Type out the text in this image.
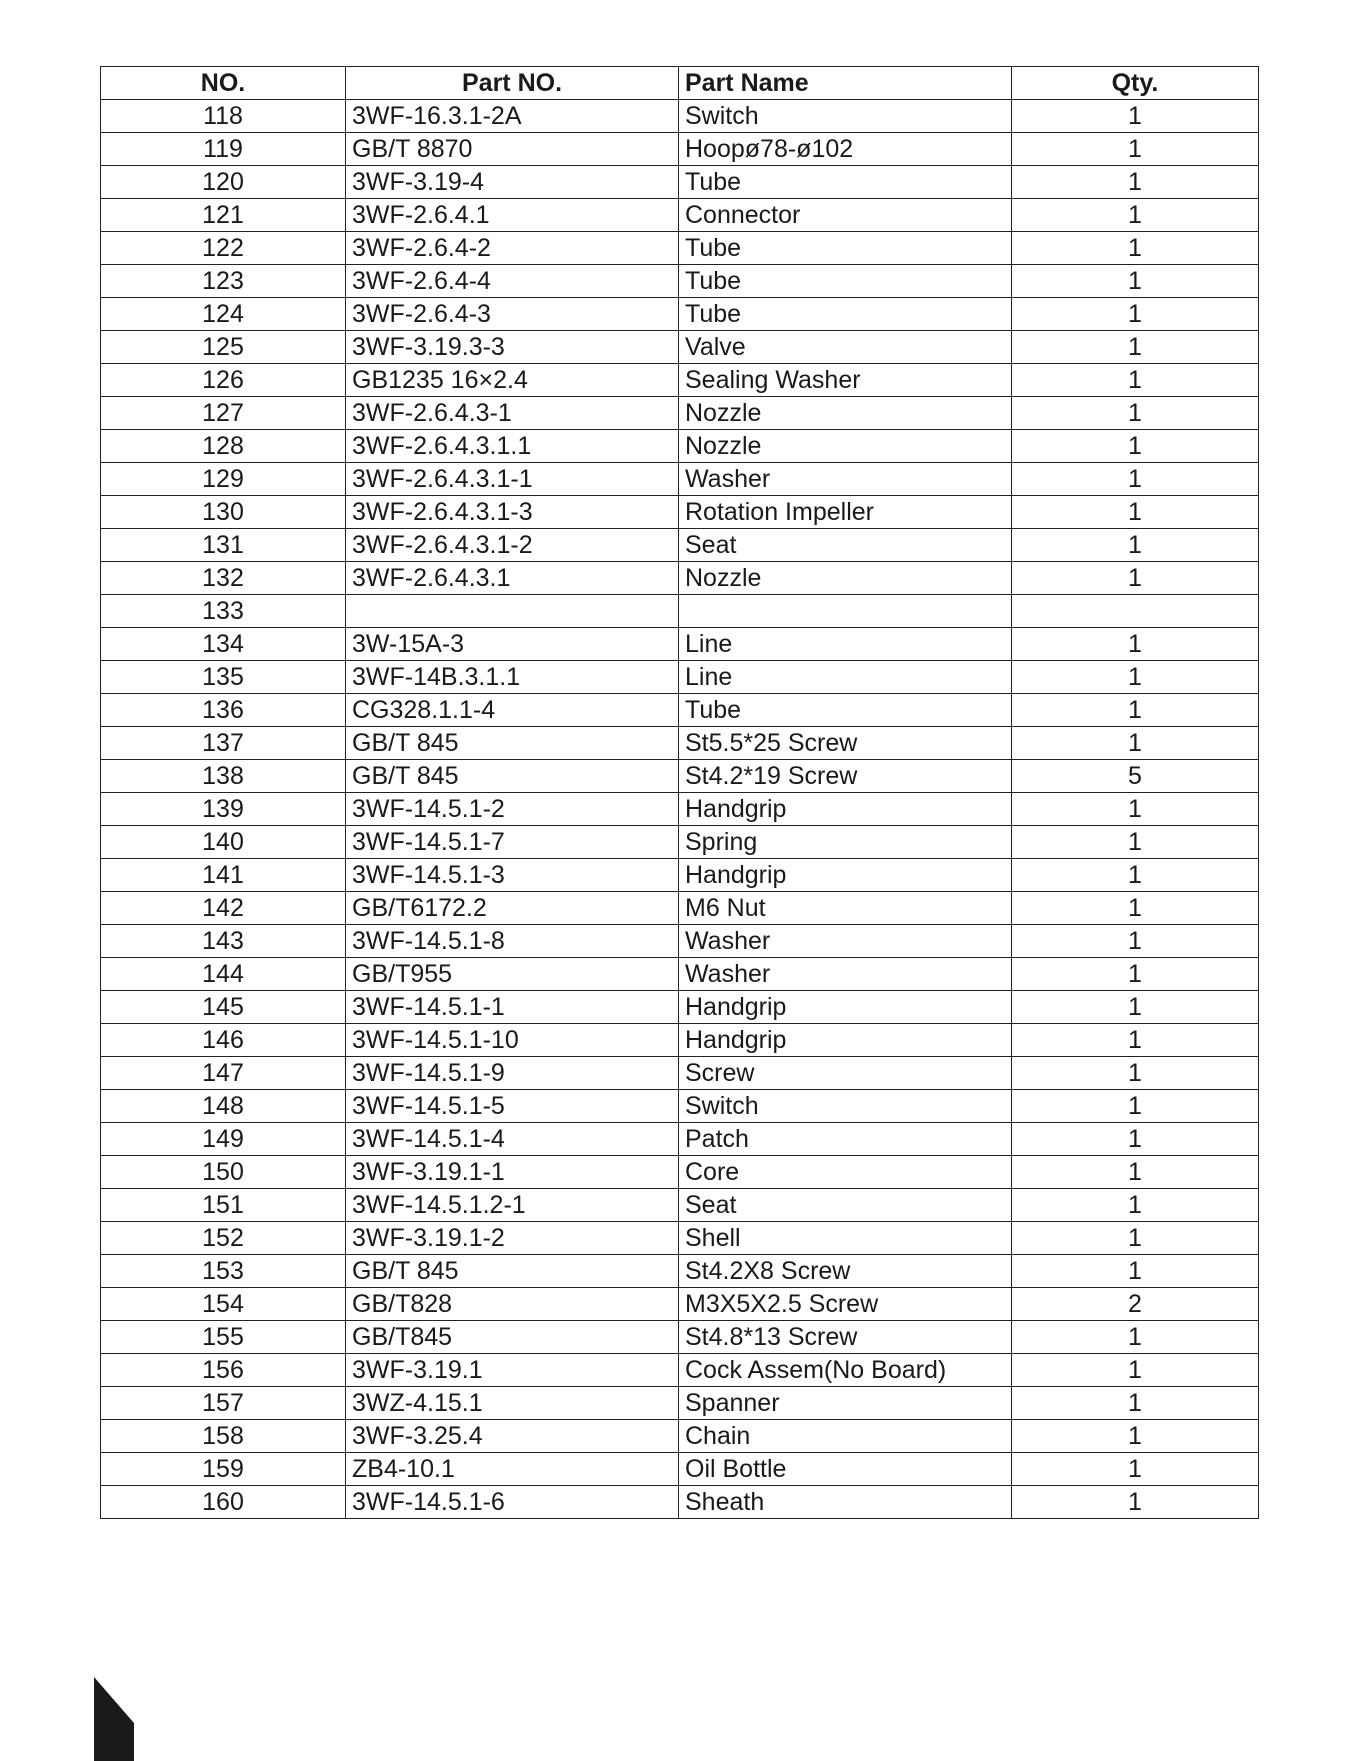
NO.	Part NO.	Part Name	Qty.
118	3WF-16.3.1-2A	Switch	1
119	GB/T 8870	Hoopø78-ø102	1
120	3WF-3.19-4	Tube	1
121	3WF-2.6.4.1	Connector	1
122	3WF-2.6.4-2	Tube	1
123	3WF-2.6.4-4	Tube	1
124	3WF-2.6.4-3	Tube	1
125	3WF-3.19.3-3	Valve	1
126	GB1235 16×2.4	Sealing Washer	1
127	3WF-2.6.4.3-1	Nozzle	1
128	3WF-2.6.4.3.1.1	Nozzle	1
129	3WF-2.6.4.3.1-1	Washer	1
130	3WF-2.6.4.3.1-3	Rotation Impeller	1
131	3WF-2.6.4.3.1-2	Seat	1
132	3WF-2.6.4.3.1	Nozzle	1
133			
134	3W-15A-3	Line	1
135	3WF-14B.3.1.1	Line	1
136	CG328.1.1-4	Tube	1
137	GB/T 845	St5.5*25 Screw	1
138	GB/T 845	St4.2*19 Screw	5
139	3WF-14.5.1-2	Handgrip	1
140	3WF-14.5.1-7	Spring	1
141	3WF-14.5.1-3	Handgrip	1
142	GB/T6172.2	M6 Nut	1
143	3WF-14.5.1-8	Washer	1
144	GB/T955	Washer	1
145	3WF-14.5.1-1	Handgrip	1
146	3WF-14.5.1-10	Handgrip	1
147	3WF-14.5.1-9	Screw	1
148	3WF-14.5.1-5	Switch	1
149	3WF-14.5.1-4	Patch	1
150	3WF-3.19.1-1	Core	1
151	3WF-14.5.1.2-1	Seat	1
152	3WF-3.19.1-2	Shell	1
153	GB/T 845	St4.2X8 Screw	1
154	GB/T828	M3X5X2.5 Screw	2
155	GB/T845	St4.8*13 Screw	1
156	3WF-3.19.1	Cock Assem(No Board)	1
157	3WZ-4.15.1	Spanner	1
158	3WF-3.25.4	Chain	1
159	ZB4-10.1	Oil Bottle	1
160	3WF-14.5.1-6	Sheath	1
